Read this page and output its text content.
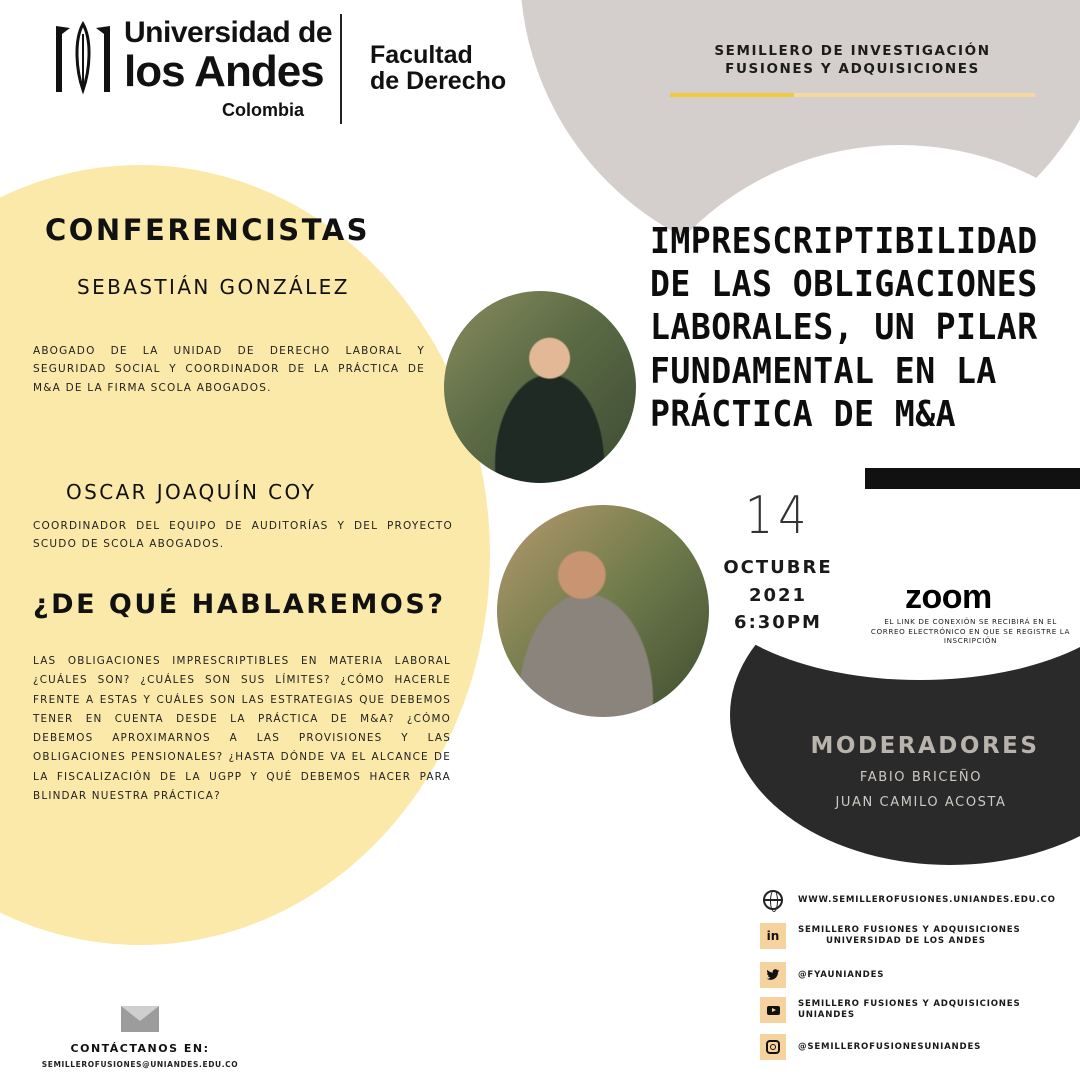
Universidad de
los Andes
Colombia
Facultad
de Derecho
SEMILLERO DE INVESTIGACIÓN
FUSIONES Y ADQUISICIONES
CONFERENCISTAS
SEBASTIÁN GONZÁLEZ
ABOGADO DE LA UNIDAD DE DERECHO LABORAL Y SEGURIDAD SOCIAL Y COORDINADOR DE LA PRÁCTICA DE M&A DE LA FIRMA SCOLA ABOGADOS.
OSCAR JOAQUÍN COY
COORDINADOR DEL EQUIPO DE AUDITORÍAS Y DEL PROYECTO SCUDO DE SCOLA ABOGADOS.
¿DE QUÉ HABLAREMOS?
LAS OBLIGACIONES IMPRESCRIPTIBLES EN MATERIA LABORAL ¿CUÁLES SON? ¿CUÁLES SON SUS LÍMITES? ¿CÓMO HACERLE FRENTE A ESTAS Y CUÁLES SON LAS ESTRATEGIAS QUE DEBEMOS TENER EN CUENTA DESDE LA PRÁCTICA DE M&A? ¿CÓMO DEBEMOS APROXIMARNOS A LAS PROVISIONES Y LAS OBLIGACIONES PENSIONALES? ¿HASTA DÓNDE VA EL ALCANCE DE LA FISCALIZACIÓN DE LA UGPP Y QUÉ DEBEMOS HACER PARA BLINDAR NUESTRA PRÁCTICA?
IMPRESCRIPTIBILIDAD DE LAS OBLIGACIONES LABORALES, UN PILAR FUNDAMENTAL EN LA PRÁCTICA DE M&A
14
OCTUBRE
2021
6:30PM
zoom
EL LINK DE CONEXIÓN SE RECIBIRÁ EN EL CORREO ELECTRÓNICO EN QUE SE REGISTRE LA INSCRIPCIÓN
MODERADORES
FABIO BRICEÑO
JUAN CAMILO ACOSTA
CONTÁCTANOS EN:
SEMILLEROFUSIONES@UNIANDES.EDU.CO
WWW.SEMILLEROFUSIONES.UNIANDES.EDU.CO
in	SEMILLERO FUSIONES Y ADQUISICIONES
UNIVERSIDAD DE LOS ANDES
@FYAUNIANDES
SEMILLERO FUSIONES Y ADQUISICIONES UNIANDES
@SEMILLEROFUSIONESUNIANDES
